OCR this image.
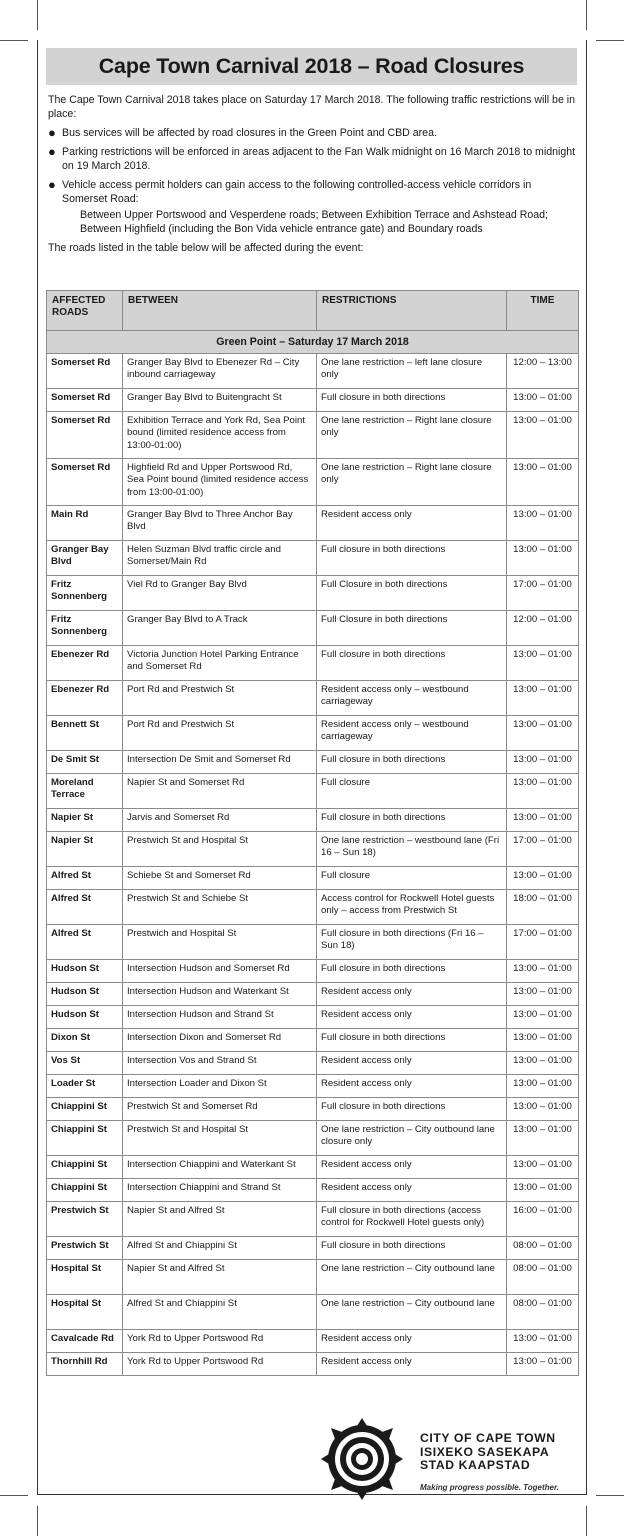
Cape Town Carnival 2018 – Road Closures

The Cape Town Carnival 2018 takes place on Saturday 17 March 2018. The following traffic restrictions will be in place:

● Bus services will be affected by road closures in the Green Point and CBD area.
● Parking restrictions will be enforced in areas adjacent to the Fan Walk midnight on 16 March 2018 to midnight on 19 March 2018.
● Vehicle access permit holders can gain access to the following controlled-access vehicle corridors in Somerset Road:
Between Upper Portswood and Vesperdene roads; Between Exhibition Terrace and Ashstead Road; Between Highfield (including the Bon Vida vehicle entrance gate) and Boundary roads

The roads listed in the table below will be affected during the event:

AFFECTED ROADS	BETWEEN	RESTRICTIONS	TIME
Green Point – Saturday 17 March 2018			
Somerset Rd	Granger Bay Blvd to Ebenezer Rd – City inbound carriageway	One lane restriction – left lane closure only	12:00 – 13:00
Somerset Rd	Granger Bay Blvd to Buitengracht St	Full closure in both directions	13:00 – 01:00
Somerset Rd	Exhibition Terrace and York Rd, Sea Point bound (limited residence access from 13:00-01:00)	One lane restriction – Right lane closure only	13:00 – 01:00
Somerset Rd	Highfield Rd and Upper Portswood Rd, Sea Point bound (limited residence access from 13:00-01:00)	One lane restriction – Right lane closure only	13:00 – 01:00
Main Rd	Granger Bay Blvd to Three Anchor Bay Blvd	Resident access only	13:00 – 01:00
Granger Bay Blvd	Helen Suzman Blvd traffic circle and Somerset/Main Rd	Full closure in both directions	13:00 – 01:00
Fritz Sonnenberg	Viel Rd to Granger Bay Blvd	Full Closure in both directions	17:00 – 01:00
Fritz Sonnenberg	Granger Bay Blvd to A Track	Full Closure in both directions	12:00 – 01:00
Ebenezer Rd	Victoria Junction Hotel Parking Entrance and Somerset Rd	Full closure in both directions	13:00 – 01:00
Ebenezer Rd	Port Rd and Prestwich St	Resident access only – westbound carriageway	13:00 – 01:00
Bennett St	Port Rd and Prestwich St	Resident access only – westbound carriageway	13:00 – 01:00
De Smit St	Intersection De Smit and Somerset Rd	Full closure in both directions	13:00 – 01:00
Moreland Terrace	Napier St and Somerset Rd	Full closure	13:00 – 01:00
Napier St	Jarvis and Somerset Rd	Full closure in both directions	13:00 – 01:00
Napier St	Prestwich St and Hospital St	One lane restriction – westbound lane (Fri 16 – Sun 18)	17:00 – 01:00
Alfred St	Schiebe St and Somerset Rd	Full closure	13:00 – 01:00
Alfred St	Prestwich St and Schiebe St	Access control for Rockwell Hotel guests only – access from Prestwich St	18:00 – 01:00
Alfred St	Prestwich and Hospital St	Full closure in both directions (Fri 16 – Sun 18)	17:00 – 01:00
Hudson St	Intersection Hudson and Somerset Rd	Full closure in both directions	13:00 – 01:00
Hudson St	Intersection Hudson and Waterkant St	Resident access only	13:00 – 01:00
Hudson St	Intersection Hudson and Strand St	Resident access only	13:00 – 01:00
Dixon St	Intersection Dixon and Somerset Rd	Full closure in both directions	13:00 – 01:00
Vos St	Intersection Vos and Strand St	Resident access only	13:00 – 01:00
Loader St	Intersection Loader and Dixon St	Resident access only	13:00 – 01:00
Chiappini St	Prestwich St and Somerset Rd	Full closure in both directions	13:00 – 01:00
Chiappini St	Prestwich St and Hospital St	One lane restriction – City outbound lane closure only	13:00 – 01:00
Chiappini St	Intersection Chiappini and Waterkant St	Resident access only	13:00 – 01:00
Chiappini St	Intersection Chiappini and Strand St	Resident access only	13:00 – 01:00
Prestwich St	Napier St and Alfred St	Full closure in both directions (access control for Rockwell Hotel guests only)	16:00 – 01:00
Prestwich St	Alfred St and Chiappini St	Full closure in both directions	08:00 – 01:00
Hospital St	Napier St and Alfred St	One lane restriction – City outbound lane	08:00 – 01:00
Hospital St	Alfred St and Chiappini St	One lane restriction – City outbound lane	08:00 – 01:00
Cavalcade Rd	York Rd to Upper Portswood Rd	Resident access only	13:00 – 01:00
Thornhill Rd	York Rd to Upper Portswood Rd	Resident access only	13:00 – 01:00
CITY OF CAPE TOWN
ISIXEKO SASEKAPA
STAD KAAPSTAD
Making progress possible. Together.
